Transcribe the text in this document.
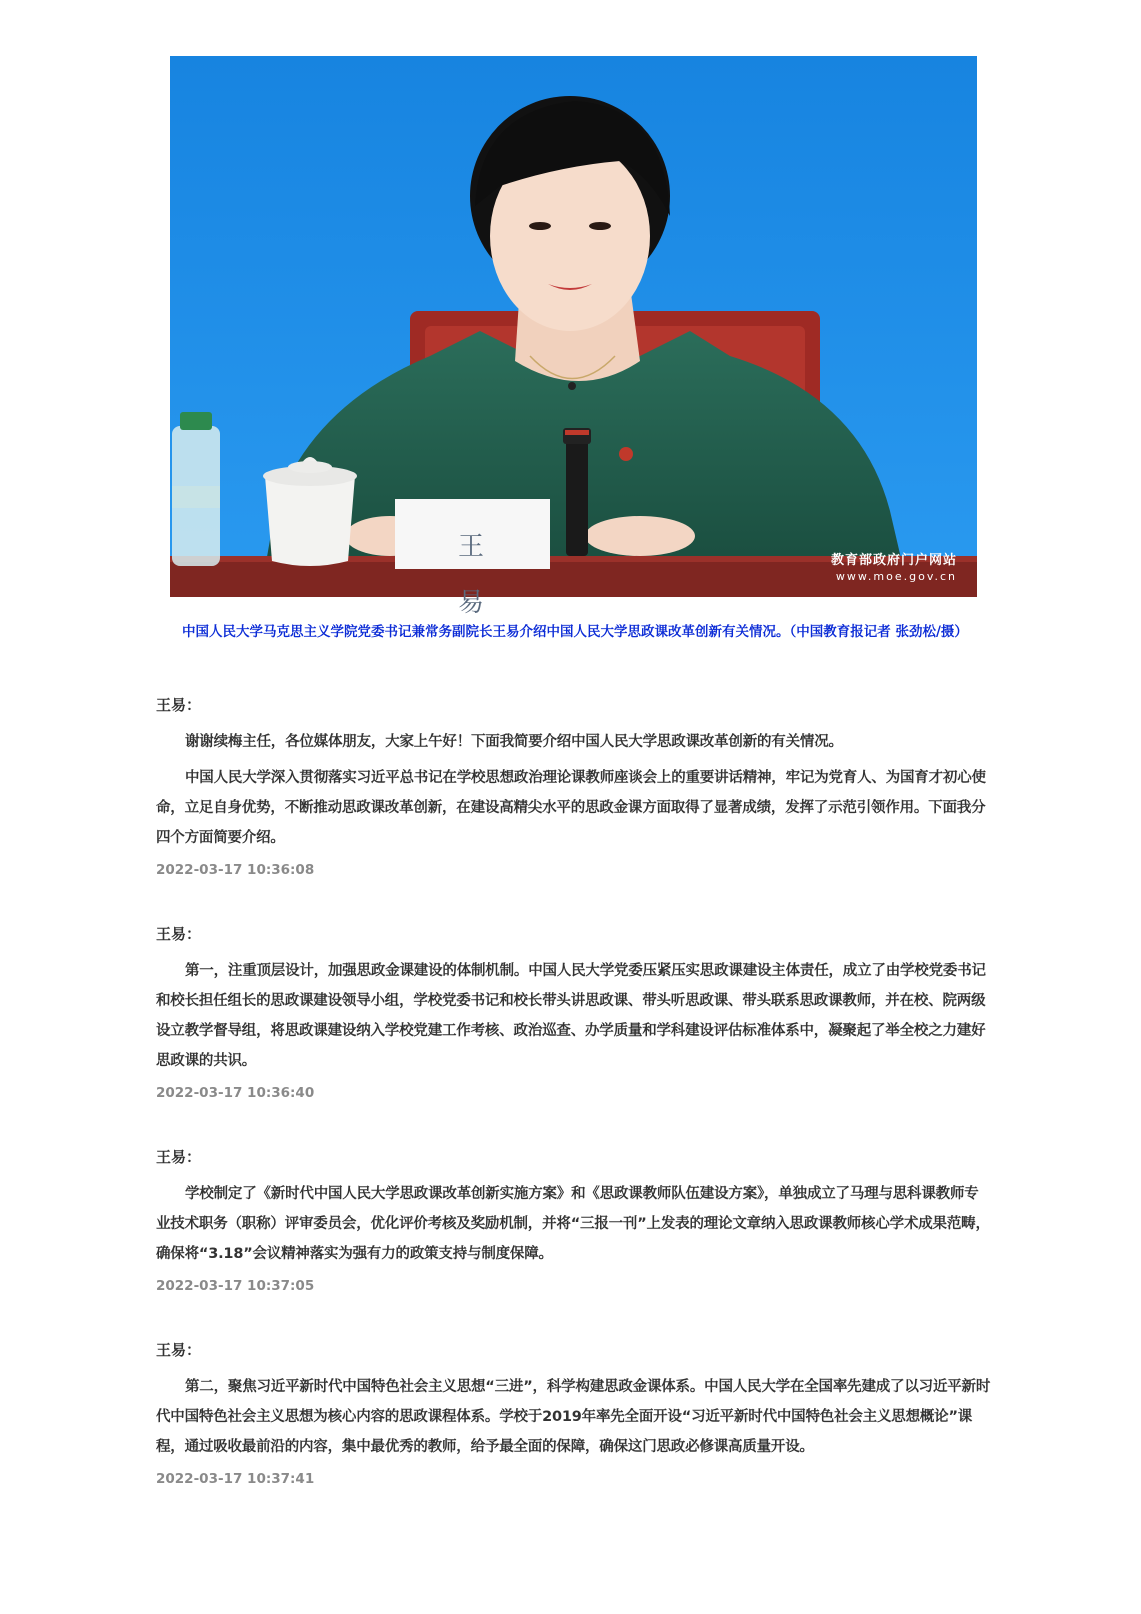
王 易
教育部政府门户网站
www.moe.gov.cn
中国人民大学马克思主义学院党委书记兼常务副院长王易介绍中国人民大学思政课改革创新有关情况。（中国教育报记者 张劲松/摄）
王易：

谢谢续梅主任，各位媒体朋友，大家上午好！下面我简要介绍中国人民大学思政课改革创新的有关情况。

中国人民大学深入贯彻落实习近平总书记在学校思想政治理论课教师座谈会上的重要讲话精神，牢记为党育人、为国育才初心使命，立足自身优势，不断推动思政课改革创新，在建设高精尖水平的思政金课方面取得了显著成绩，发挥了示范引领作用。下面我分四个方面简要介绍。

2022-03-17 10:36:08
王易：

第一，注重顶层设计，加强思政金课建设的体制机制。中国人民大学党委压紧压实思政课建设主体责任，成立了由学校党委书记和校长担任组长的思政课建设领导小组，学校党委书记和校长带头讲思政课、带头听思政课、带头联系思政课教师，并在校、院两级设立教学督导组，将思政课建设纳入学校党建工作考核、政治巡查、办学质量和学科建设评估标准体系中，凝聚起了举全校之力建好思政课的共识。

2022-03-17 10:36:40
王易：

学校制定了《新时代中国人民大学思政课改革创新实施方案》和《思政课教师队伍建设方案》，单独成立了马理与思科课教师专业技术职务（职称）评审委员会，优化评价考核及奖励机制，并将“三报一刊”上发表的理论文章纳入思政课教师核心学术成果范畴，确保将“3.18”会议精神落实为强有力的政策支持与制度保障。

2022-03-17 10:37:05
王易：

第二，聚焦习近平新时代中国特色社会主义思想“三进”，科学构建思政金课体系。中国人民大学在全国率先建成了以习近平新时代中国特色社会主义思想为核心内容的思政课程体系。学校于2019年率先全面开设“习近平新时代中国特色社会主义思想概论”课程，通过吸收最前沿的内容，集中最优秀的教师，给予最全面的保障，确保这门思政必修课高质量开设。

2022-03-17 10:37:41
